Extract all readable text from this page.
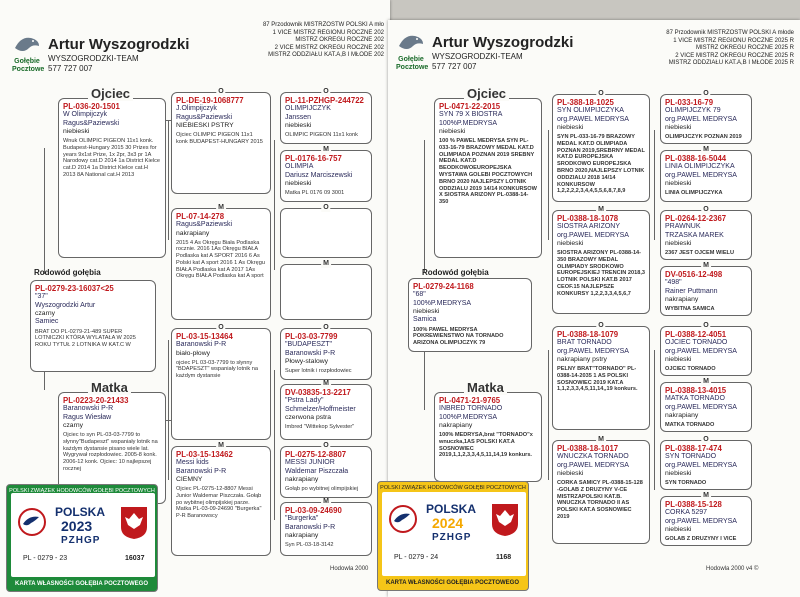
Gołębie Pocztowe
Artur Wyszogrodzki
WYSZOGRODZKI-TEAM
577 727 007
87 Przodownik MISTRZOSTW POLSKI A mło
1 VICE MISTRZ REGIONU ROCZNE 202
MISTRZ OKREGU ROCZNE 202
2 VICE MISTRZ OKREGU ROCZNE 202
MISTRZ ODDZIAŁU KAT.A,B I MŁODE 202
Rodowód gołębia
PL-0279-23-16037<25
"37"
Wyszogrodzki Artur
czarny
Samiec
BRAT DO PL-0279-21-489 SUPER LOTNICZKI KTÓRA WYLATAŁA W 2025 ROKU TYTUŁ 2 LOTNIKA W KAT.C W
PL-036-20-1501
W Olimpijczyk
Ragus&Paziewski
niebieski
Wnuk OLIMPIC PIGEON 11x1 konk. Budapest-Hungary 2015 30 Prizes for years 9x1st Prize, 1x 2pr, 3x3 pr 1A Narodowy cat.D 2014 1a District Kielce cat.D 2014 1a District Kielce cat.H 2013 8A National cat.H 2013
Ojciec
PL-0223-20-21433
Baranowski P-R
Ragus Wiesław
czarny
Ojciec to syn PL-03-03-7799 to słynny"Budapeszt" wspaniały lotnik na każdym dystansie pisano wiele lat. Wygrywał rozpłodowiec. 2005-8 konk. 2006-12 konk. Ojciec: 10 najlepszej rocznej
Matka
O
PL-DE-19-1068777
J.Olimpijczyk
Ragus&Paziewski
NIEBIESKI PSTRY
Ojciec OLIMPIC PIGEON 11x1 konk BUDAPEST-HUNGARY 2015
M
PL-07-14-278
Ragus&Paziewski
nakrapiany
2015 4 As Okręgu Biała Podlaska rocznie. 2016 1As Okręgu BIAŁA Podlaska kat A SPORT 2016 6 As Polski kat A sport 2016 1 As Okręgu BIAŁA Podlaska kat A 2017 1As Okręgu BIAŁA Podlaska kat A sport
O
PL-03-15-13464
Baranowski P-R
biało-płowy
ojciec PL 03-03-7799 to słynny "BDAPESZT" wspaniały lotnik na każdym dystansie
M
PL-03-15-13462
Messi kids
Baranowski P-R
CIEMNY
Ojciec PL-0275-12-8807 Messi Junior Waldemar Piszczała. Gołąb po wybitnej olimpijskiej parze. Matka PL-03-09-24690 "Burgerka" P-R Baranowscy
O
PL-11-PZHGP-244722
OLIMPIJCZYK
Janssen
niebieski
OLIMPIC PIGEON 11x1 konk
M
PL-0176-16-757
OLIMPIA
Dariusz Marciszewski
niebieski
Matka PL 0176 09 3001
O
M
O
PL-03-03-7799
"BUDAPESZT"
Baranowski P-R
Płowy-stalowy
Super lotnik i rozpłodowiec
M
DV-03835-13-2217
"Pstra Lady"
Schmelzer/Hoffmeister
czerwona pstra
Imbred "Wittekop Sylvester"
O
PL-0275-12-8807
MESSI JUNIOR
Waldemar Piszczała
nakrapiany
Gołąb po wybitnej olimpijskiej
M
PL-03-09-24690
"Burgerka"
Baranowski P-R
nakrapiany
Syn PL-03-18-3142
Hodowla 2000
POLSKI ZWIĄZEK HODOWCÓW GOŁĘBI POCZTOWYCH
POLSKA
2023
PZHGP
PL - 0279 - 23	16037
KARTA WŁASNOŚCI GOŁĘBIA POCZTOWEGO
Gołębie Pocztowe
Artur Wyszogrodzki
WYSZOGRODZKI-TEAM
577 727 007
87 Przodownik MISTRZOSTW POLSKI A młode
1 VICE MISTRZ REGIONU ROCZNE 2025 R
MISTRZ OKREGU ROCZNE 2025 R
2 VICE MISTRZ OKREGU ROCZNE 2025 R
MISTRZ ODDZIAŁU KAT.A,B I MŁODE 2025 R
Rodowód gołębia
PL-0279-24-1168
"68"
100%P.MEDRYSA
niebieski
Samica
100% PAWEL MEDRYSA POKREWIENSTWO NA TORNADO ARIZONA OLIMPIJCZYK 79
PL-0471-22-2015
SYN 79 X BIOSTRA
100%P.MEDRYSA
niebieski
100 % PAWEL MEDRYSA SYN PL-033-16-79 BRAZOWY MEDAL KAT.D OLIMPIADA POZNAN 2019 SREBNY MEDAL KAT.D BEODKOWOEUROPEJSKA WYSTAWA GOLEBI POCZTOWYCH BRNO 2020 NAJLEPSZY LOTNIK ODDZIALU 2019 14/14 KONKURSOW X SIOSTRA ARIZONY PL-0388-14-350
Ojciec
PL-0471-21-9765
INBRED TORNADO
100%P.MEDRYSA
nakrapiany
100% MEDRYSA,brat "TORNADO"x wnuczka,1AS POLSKI KAT.A SOSNOWIEC 2019,1,1,2,3,3,4,5,11,14,19 konkurs.
Matka
O
PL-388-18-1025
SYN OLIMPIJCZYKA
org.PAWEL MEDRYSA
niebieski
SYN PL-033-16-79 BRAZOWY MEDAL KAT.D OLIMPIADA POZNAN 2019,SREBRNY MEDAL KAT.D EUROPEJSKA SRODKOWO EUROPEJSKA BRNO 2020,NAJLEPSZY LOTNIK ODDZIALU 2018 14/14 KONKURSOW 1,2,2,2,2,3,4,4,5,5,6,8,7,8,9
M
PL-0388-18-1078
SIOSTRA ARIZONY
org.PAWEL MEDRYSA
niebieski
SIOSTRA ARIZONY PL-0388-14-350 BRAZOWY MEDAL OLIMPIADY SRODKOWO EUROPEJSKIEJ TRENCIN 2018,3 LOTNIK POLSKI KAT.B 2017 CEOF.15 NAJLEPSZE KONKURSY 1,2,2,3,3,4,5,6,7
O
PL-0388-18-1079
BRAT TORNADO
org.PAWEL MEDRYSA
nakrapiany pstry
PELNY BRAT"TORNADO" PL-0388-14-2035 1 AS POLSKI SOSNOWIEC 2019 KAT.A 1,1,2,3,3,4,5,11,14,,19 konkurs.
M
PL-0388-18-1017
WNUCZKA TORNADO
org.PAWEL MEDRYSA
niebieski
CORKA SAMICY PL-0388-15-128 -GOLAB Z DRUZYNY V-CE MISTRZAPOLSKI KAT.B. WNUCZKA TORNADO II AS POLSKI KAT.A SOSNOWIEC 2019
O
PL-033-16-79
OLIMPIJCZYK 79
org.PAWEL MEDRYSA
niebieski
OLIMPIJCZYK POZNAN 2019
M
PL-0388-16-5044
LINIA OLIMPIJCZYKA
org.PAWEL MEDRYSA
niebieski
LINIA OLIMPIJCZYKA
O
PL-0264-12-2367
PRAWNUK
TRZASKA MAREK
niebieski
2367 JEST OJCEM WIELU
M
DV-0516-12-498
"498"
Rainer Puttmann
nakrapiany
WYBITNA SAMICA
O
PL-0388-12-4051
OJCIEC TORNADO
org.PAWEL MEDRYSA
niebieski
OJCIEC TORNADO
M
PL-0388-13-4015
MATKA TORNADO
org.PAWEL MEDRYSA
nakrapiany
MATKA TORNADO
O
PL-0388-17-474
SYN TORNADO
org.PAWEL MEDRYSA
niebieski
SYN TORNADO
M
PL-0388-15-128
CORKA 5297
org.PAWEL MEDRYSA
niebieski
GOLAB Z DRUZYNY I VICE
Hodowla 2000 v4 ©
POLSKI ZWIĄZEK HODOWCÓW GOŁĘBI POCZTOWYCH
POLSKA
2024
PZHGP
PL - 0279 - 24	1168
KARTA WŁASNOŚCI GOŁĘBIA POCZTOWEGO
